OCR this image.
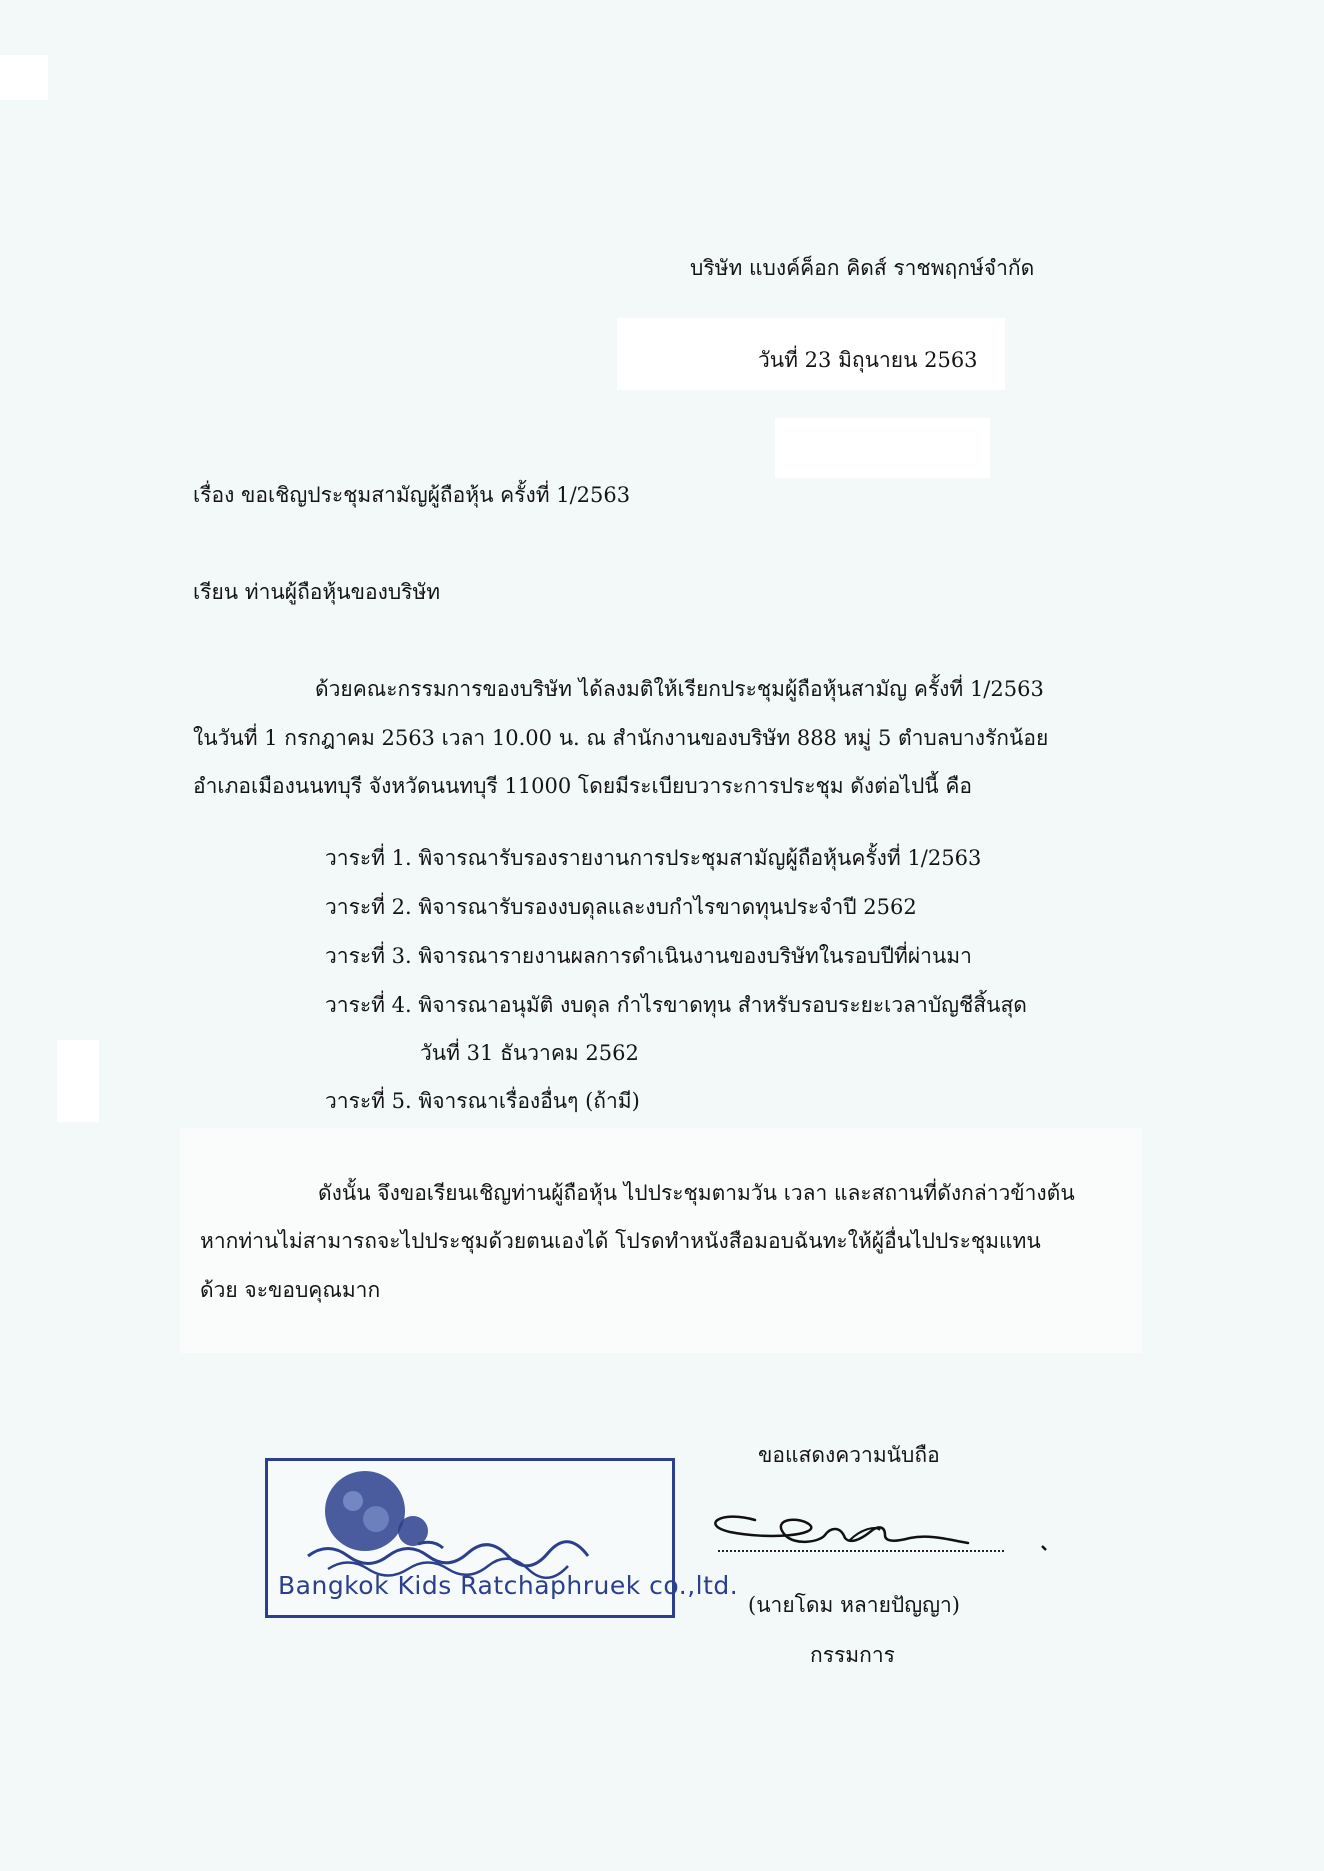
บริษัท แบงค์ค็อก คิดส์ ราชพฤกษ์จำกัด
วันที่ 23 มิถุนายน 2563
เรื่อง ขอเชิญประชุมสามัญผู้ถือหุ้น ครั้งที่ 1/2563
เรียน ท่านผู้ถือหุ้นของบริษัท
ด้วยคณะกรรมการของบริษัท ได้ลงมติให้เรียกประชุมผู้ถือหุ้นสามัญ ครั้งที่ 1/2563
ในวันที่ 1 กรกฎาคม 2563 เวลา 10.00 น. ณ สำนักงานของบริษัท 888 หมู่ 5 ตำบลบางรักน้อย
อำเภอเมืองนนทบุรี จังหวัดนนทบุรี 11000 โดยมีระเบียบวาระการประชุม ดังต่อไปนี้ คือ
วาระที่ 1. พิจารณารับรองรายงานการประชุมสามัญผู้ถือหุ้นครั้งที่ 1/2563
วาระที่ 2. พิจารณารับรองงบดุลและงบกำไรขาดทุนประจำปี 2562
วาระที่ 3. พิจารณารายงานผลการดำเนินงานของบริษัทในรอบปีที่ผ่านมา
วาระที่ 4. พิจารณาอนุมัติ งบดุล กำไรขาดทุน สำหรับรอบระยะเวลาบัญชีสิ้นสุด
วันที่ 31 ธันวาคม 2562
วาระที่ 5. พิจารณาเรื่องอื่นๆ (ถ้ามี)
ดังนั้น จึงขอเรียนเชิญท่านผู้ถือหุ้น ไปประชุมตามวัน เวลา และสถานที่ดังกล่าวข้างต้น
หากท่านไม่สามารถจะไปประชุมด้วยตนเองได้ โปรดทำหนังสือมอบฉันทะให้ผู้อื่นไปประชุมแทน
ด้วย จะขอบคุณมาก
Bangkok Kids Ratchaphruek co.,ltd.
ขอแสดงความนับถือ
(นายโดม หลายปัญญา)
กรรมการ
